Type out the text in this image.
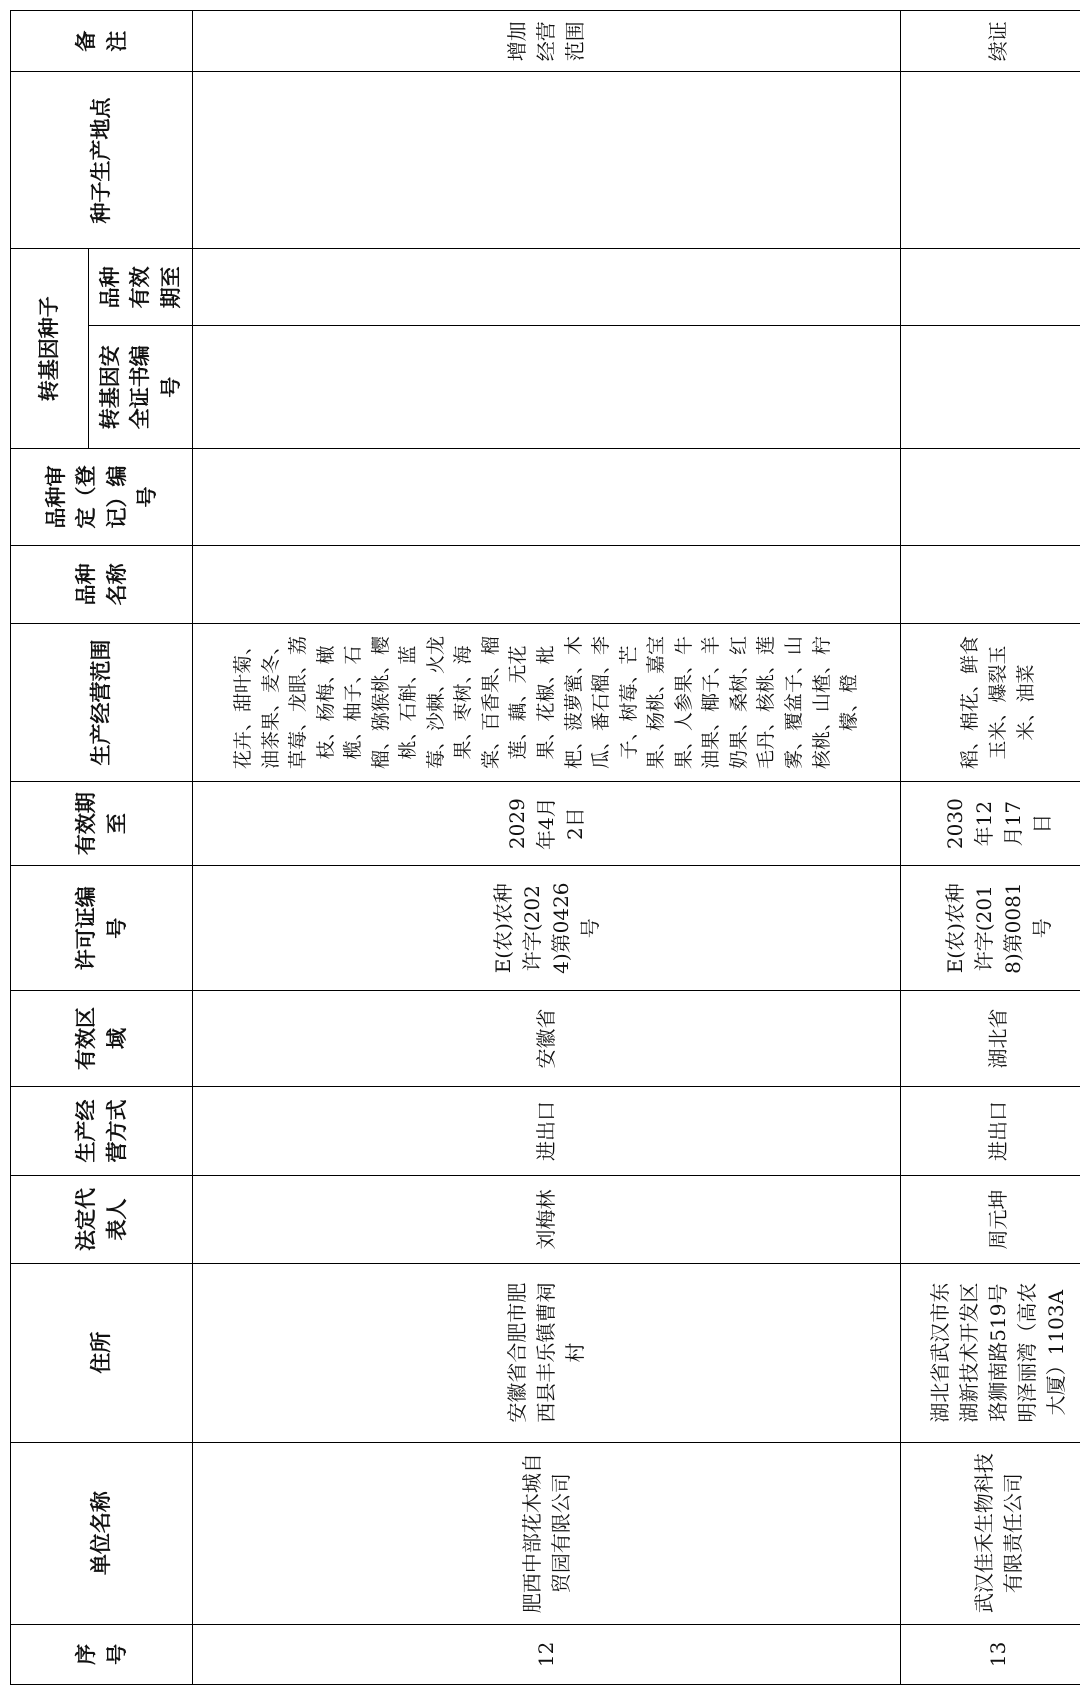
序号	单位名称	住所	法定代表人	生产经营方式	有效区域	许可证编号	有效期至	生产经营范围	品种名称	品种审定（登记）编号	转基因种子		种子生产地点	备注
											转基因安全证书编号	品种有效期至		
12	肥西中部花木城自贸园有限公司	安徽省合肥市肥西县丰乐镇曹祠村	刘梅林	进出口	安徽省	E(农)农种许字(2024)第0426号	2029年4月2日	花卉、甜叶菊、油茶果、麦冬、草莓、龙眼、荔枝、杨梅、橄榄、柚子、石榴、猕猴桃、樱桃、石斛、蓝莓、沙棘、火龙果、枣树、海棠、百香果、榴莲、藕、无花果、花椒、枇杷、菠萝蜜、木瓜、番石榴、李子、树莓、芒果、杨桃、嘉宝果、人参果、牛油果、椰子、羊奶果、桑树、红毛丹、核桃、莲雾、覆盆子、山核桃、山楂、柠檬、橙						增加经营范围
13	武汉佳禾生物科技有限责任公司	湖北省武汉市东湖新技术开发区珞狮南路519号明泽丽湾（高农大厦）1103A	周元坤	进出口	湖北省	E(农)农种许字(2018)第0081号	2030年12月17日	稻、棉花、鲜食玉米、爆裂玉米、油菜						续证
